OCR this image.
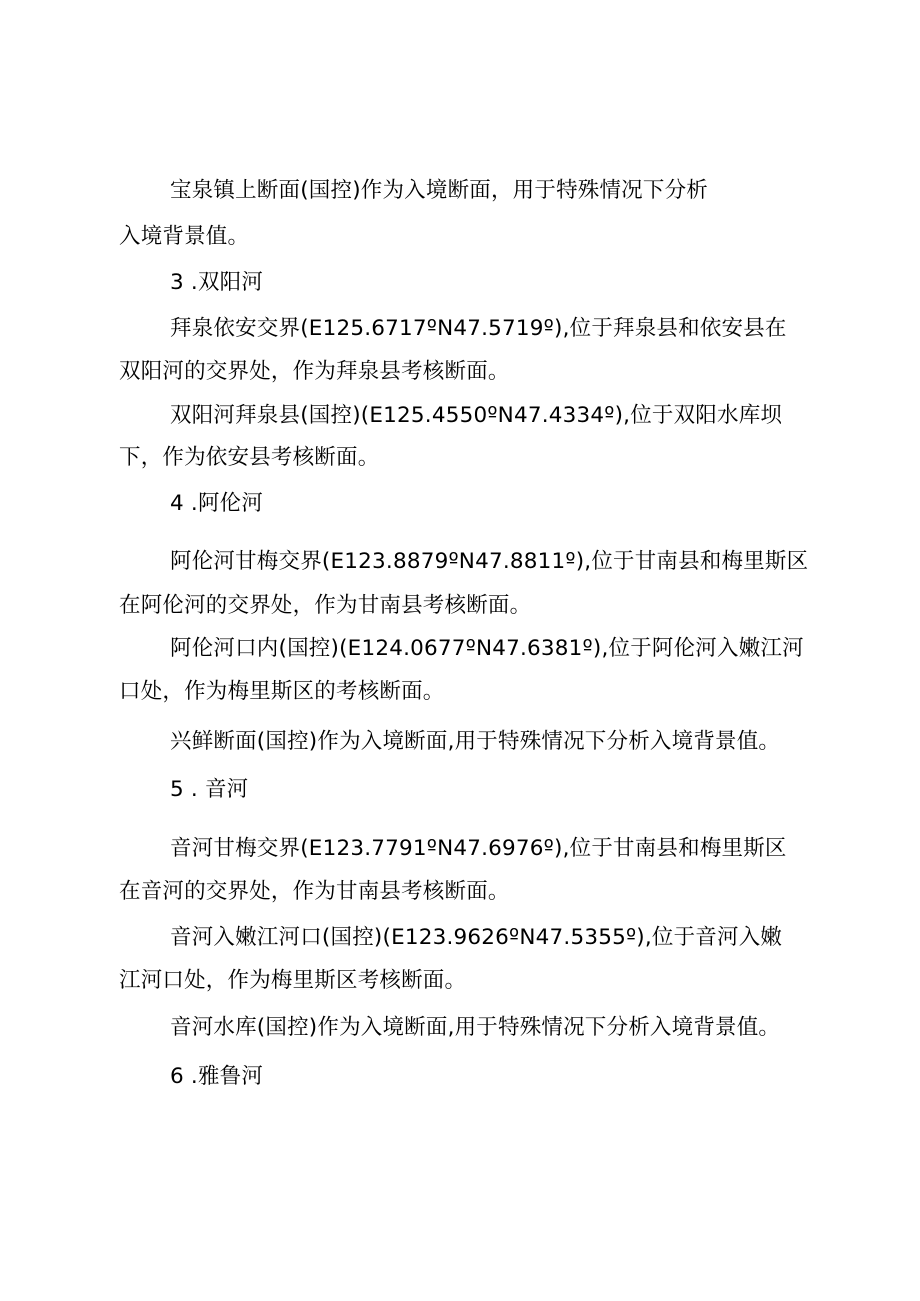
宝泉镇上断面(国控)作为入境断面，用于特殊情况下分析
入境背景值。
3 .双阳河
拜泉依安交界(E125.6717ºN47.5719º),位于拜泉县和依安县在
双阳河的交界处，作为拜泉县考核断面。
双阳河拜泉县(国控)(E125.4550ºN47.4334º),位于双阳水库坝
下，作为依安县考核断面。
4 .阿伦河
阿伦河甘梅交界(E123.8879ºN47.8811º),位于甘南县和梅里斯区
在阿伦河的交界处，作为甘南县考核断面。
阿伦河口内(国控)(E124.0677ºN47.6381º),位于阿伦河入嫩江河
口处，作为梅里斯区的考核断面。
兴鲜断面(国控)作为入境断面,用于特殊情况下分析入境背景值。
5 . 音河
音河甘梅交界(E123.7791ºN47.6976º),位于甘南县和梅里斯区
在音河的交界处，作为甘南县考核断面。
音河入嫩江河口(国控)(E123.9626ºN47.5355º),位于音河入嫩
江河口处，作为梅里斯区考核断面。
音河水库(国控)作为入境断面,用于特殊情况下分析入境背景值。
6 .雅鲁河
